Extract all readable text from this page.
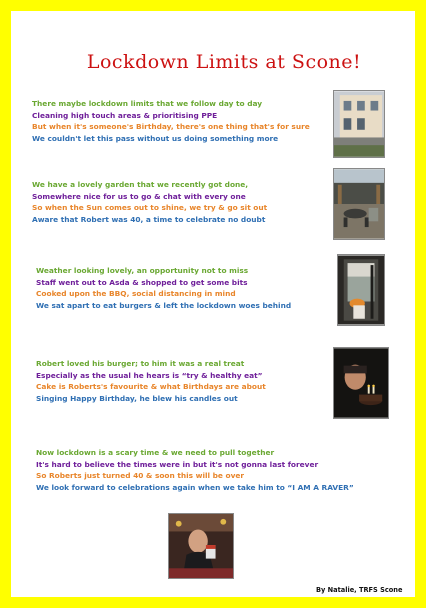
Lockdown Limits at Scone!
There maybe lockdown limits that we follow day to day
Cleaning high touch areas & prioritising PPE
But when it's someone's Birthday, there's one thing that's for sure
We couldn't let this pass without us doing something more
We have a lovely garden that we recently got done,
Somewhere nice for us to go & chat with every one
So when the Sun comes out to shine, we try & go sit out
Aware that Robert was 40, a time to celebrate no doubt
Weather looking lovely, an opportunity not to miss
Staff went out to Asda & shopped to get some bits
Cooked upon the BBQ, social distancing in mind
We sat apart to eat burgers & left the lockdown woes behind
Robert loved his burger; to him it was a real treat
Especially as the usual he hears is “try & healthy eat”
Cake is Roberts's favourite & what Birthdays are about
Singing Happy Birthday, he blew his candles out
Now lockdown is a scary time & we need to pull together
It's hard to believe the times were in but it's not gonna last forever
So Roberts just turned 40 & soon this will be over
We look forward to celebrations again when we take him to “I AM A RAVER”
By Natalie, TRFS Scone
